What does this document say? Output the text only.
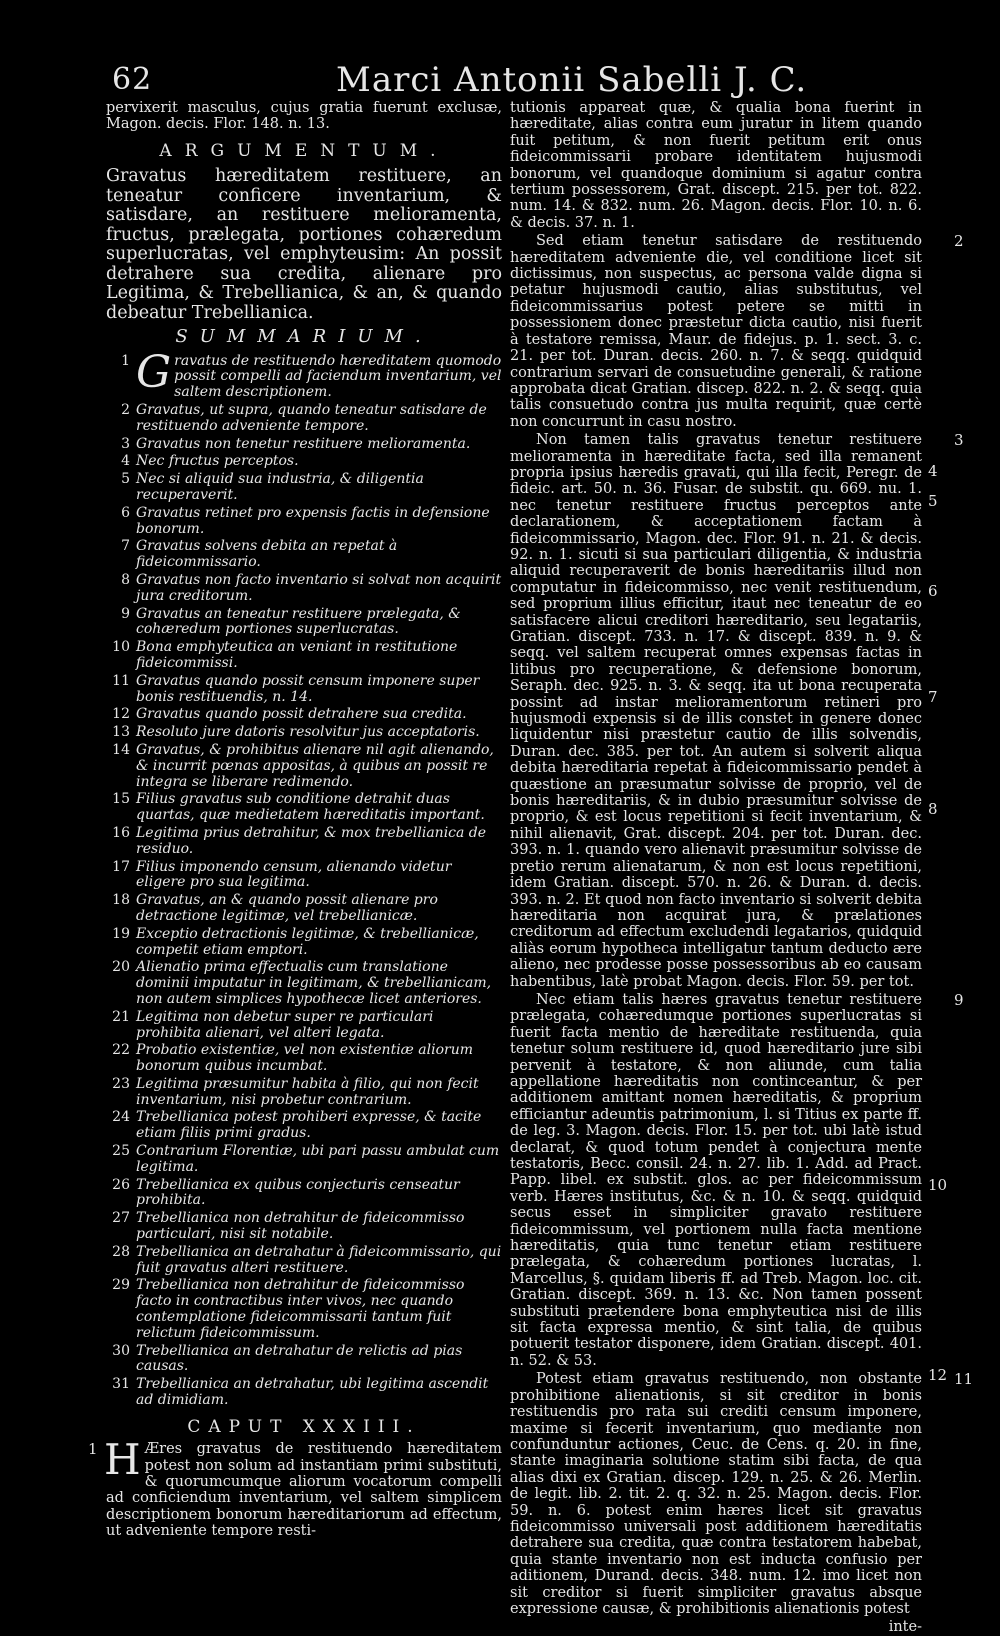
62	Marci Antonii Sabelli J. C.

pervixerit masculus, cujus gratia fuerunt exclusæ, Magon. decis. Flor. 148. n. 13.

ARGUMENTUM.

Gravatus hæreditatem restituere, an teneatur conficere inventarium, & satisdare, an restituere melioramenta, fructus, prælegata, portiones cohæredum superlucratas, vel emphyteusim: An possit detrahere sua credita, alienare pro Legitima, & Trebellianica, & an, & quando debeatur Trebellianica.

SUMMARIUM.
1 G ravatus de restituendo hæreditatem quomodo possit compelli ad faciendum inventarium, vel saltem descriptionem.
2 Gravatus, ut supra, quando teneatur satisdare de restituendo adveniente tempore.
3 Gravatus non tenetur restituere melioramenta.
4 Nec fructus perceptos.
5 Nec si aliquid sua industria, & diligentia recuperaverit.
6 Gravatus retinet pro expensis factis in defensione bonorum.
7 Gravatus solvens debita an repetat à fideicommissario.
8 Gravatus non facto inventario si solvat non acquirit jura creditorum.
9 Gravatus an teneatur restituere prælegata, & cohæredum portiones superlucratas.
10 Bona emphyteutica an veniant in restitutione fideicommissi.
11 Gravatus quando possit censum imponere super bonis restituendis, n. 14.
12 Gravatus quando possit detrahere sua credita.
13 Resoluto jure datoris resolvitur jus acceptatoris.
14 Gravatus, & prohibitus alienare nil agit alienando, & incurrit pœnas appositas, à quibus an possit re integra se liberare redimendo.
15 Filius gravatus sub conditione detrahit duas quartas, quæ medietatem hæreditatis important.
16 Legitima prius detrahitur, & mox trebellianica de residuo.
17 Filius imponendo censum, alienando videtur eligere pro sua legitima.
18 Gravatus, an & quando possit alienare pro detractione legitimæ, vel trebellianicæ.
19 Exceptio detractionis legitimæ, & trebellianicæ, competit etiam emptori.
20 Alienatio prima effectualis cum translatione dominii imputatur in legitimam, & trebellianicam, non autem simplices hypothecæ licet anteriores.
21 Legitima non debetur super re particulari prohibita alienari, vel alteri legata.
22 Probatio existentiæ, vel non existentiæ aliorum bonorum quibus incumbat.
23 Legitima præsumitur habita à filio, qui non fecit inventarium, nisi probetur contrarium.
24 Trebellianica potest prohiberi expresse, & tacite etiam filiis primi gradus.
25 Contrarium Florentiæ, ubi pari passu ambulat cum legitima.
26 Trebellianica ex quibus conjecturis censeatur prohibita.
27 Trebellianica non detrahitur de fideicommisso particulari, nisi sit notabile.
28 Trebellianica an detrahatur à fideicommissario, qui fuit gravatus alteri restituere.
29 Trebellianica non detrahitur de fideicommisso facto in contractibus inter vivos, nec quando contemplatione fideicommissarii tantum fuit relictum fideicommissum.
30 Trebellianica an detrahatur de relictis ad pias causas.
31 Trebellianica an detrahatur, ubi legitima ascendit ad dimidiam.
CAPUT XXXIII.
1 H Æres gravatus de restituendo hæreditatem potest non solum ad instantiam primi substituti, & quorumcumque aliorum vocatorum compelli ad conficiendum inventarium, vel saltem simplicem descriptionem bonorum hæreditariorum ad effectum, ut adveniente tempore resti-

tutionis appareat quæ, & qualia bona fuerint in hæreditate, alias contra eum juratur in litem quando fuit petitum, & non fuerit petitum erit onus fideicommissarii probare identitatem hujusmodi bonorum, vel quandoque dominium si agatur contra tertium possessorem, Grat. discept. 215. per tot. 822. num. 14. & 832. num. 26. Magon. decis. Flor. 10. n. 6. & decis. 37. n. 1.

2
Sed etiam tenetur satisdare de restituendo hæreditatem adveniente die, vel conditione licet sit dictissimus, non suspectus, ac persona valde digna si petatur hujusmodi cautio, alias substitutus, vel fideicommissarius potest petere se mitti in possessionem donec præstetur dicta cautio, nisi fuerit à testatore remissa, Maur. de fidejus. p. 1. sect. 3. c. 21. per tot. Duran. decis. 260. n. 7. & seqq. quidquid contrarium servari de consuetudine generali, & ratione approbata dicat Gratian. discep. 822. n. 2. & seqq. quia talis consuetudo contra jus multa requirit, quæ certè non concurrunt in casu nostro.

3
Non tamen talis gravatus tenetur restituere melioramenta in hæreditate facta, sed illa remanent propria ipsius hæredis gravati, qui illa fecit, Peregr. de fideic. art. 50. n. 36. Fusar. de substit. qu. 669. nu. 1. nec tenetur restituere fructus perceptos ante declarationem, & acceptationem factam à fideicommissario, Magon. dec. Flor. 91. n. 21. & decis. 92. n. 1. sicuti si sua particulari diligentia, & industria aliquid recuperaverit de bonis hæreditariis illud non computatur in fideicommisso, nec venit restituendum, sed proprium illius efficitur, itaut nec teneatur de eo satisfacere alicui creditori hæreditario, seu legatariis, Gratian. discept. 733. n. 17. & discept. 839. n. 9. & seqq. vel saltem recuperat omnes expensas factas in litibus pro recuperatione, & defensione bonorum, Seraph. dec. 925. n. 3. & seqq. ita ut bona recuperata possint ad instar melioramentorum retineri pro hujusmodi expensis si de illis constet in genere donec liquidentur nisi præstetur cautio de illis solvendis, Duran. dec. 385. per tot. An autem si solverit aliqua debita hæreditaria repetat à fideicommissario pendet à quæstione an præsumatur solvisse de proprio, vel de bonis hæreditariis, & in dubio præsumitur solvisse de proprio, & est locus repetitioni si fecit inventarium, & nihil alienavit, Grat. discept. 204. per tot. Duran. dec. 393. n. 1. quando vero alienavit præsumitur solvisse de pretio rerum alienatarum, & non est locus repetitioni, idem Gratian. discept. 570. n. 26. & Duran. d. decis. 393. n. 2. Et quod non facto inventario si solverit debita hæreditaria non acquirat jura, & prælationes creditorum ad effectum excludendi legatarios, quidquid aliàs eorum hypotheca intelligatur tantum deducto ære alieno, nec prodesse posse possessoribus ab eo causam habentibus, latè probat Magon. decis. Flor. 59. per tot.

9
Nec etiam talis hæres gravatus tenetur restituere prælegata, cohæredumque portiones superlucratas si fuerit facta mentio de hæreditate restituenda, quia tenetur solum restituere id, quod hæreditario jure sibi pervenit à testatore, & non aliunde, cum talia appellatione hæreditatis non continceantur, & per additionem amittant nomen hæreditatis, & proprium efficiantur adeuntis patrimonium, l. si Titius ex parte ff. de leg. 3. Magon. decis. Flor. 15. per tot. ubi latè istud declarat, & quod totum pendet à conjectura mente testatoris, Becc. consil. 24. n. 27. lib. 1. Add. ad Pract. Papp. libel. ex substit. glos. ac per fideicommissum verb. Hæres institutus, &c. & n. 10. & seqq. quidquid secus esset in simpliciter gravato restituere fideicommissum, vel portionem nulla facta mentione hæreditatis, quia tunc tenetur etiam restituere prælegata, & cohæredum portiones lucratas, l. Marcellus, §. quidam liberis ff. ad Treb. Magon. loc. cit. Gratian. discept. 369. n. 13. &c. Non tamen possent substituti prætendere bona emphyteutica nisi de illis sit facta expressa mentio, & sint talia, de quibus potuerit testator disponere, idem Gratian. discept. 401. n. 52. & 53.

11
Potest etiam gravatus restituendo, non obstante prohibitione alienationis, si sit creditor in bonis restituendis pro rata sui crediti censum imponere, maxime si fecerit inventarium, quo mediante non confunduntur actiones, Ceuc. de Cens. q. 20. in fine, stante imaginaria solutione statim sibi facta, de qua alias dixi ex Gratian. discep. 129. n. 25. & 26. Merlin. de legit. lib. 2. tit. 2. q. 32. n. 25. Magon. decis. Flor. 59. n. 6. potest enim hæres licet sit gravatus fideicommisso universali post additionem hæreditatis detrahere sua credita, quæ contra testatorem habebat, quia stante inventario non est inducta confusio per aditionem, Durand. decis. 348. num. 12. imo licet non sit creditor si fuerit simpliciter gravatus absque expressione causæ, & prohibitionis alienationis potest

inte-

4
5
6
7
8
10
12
